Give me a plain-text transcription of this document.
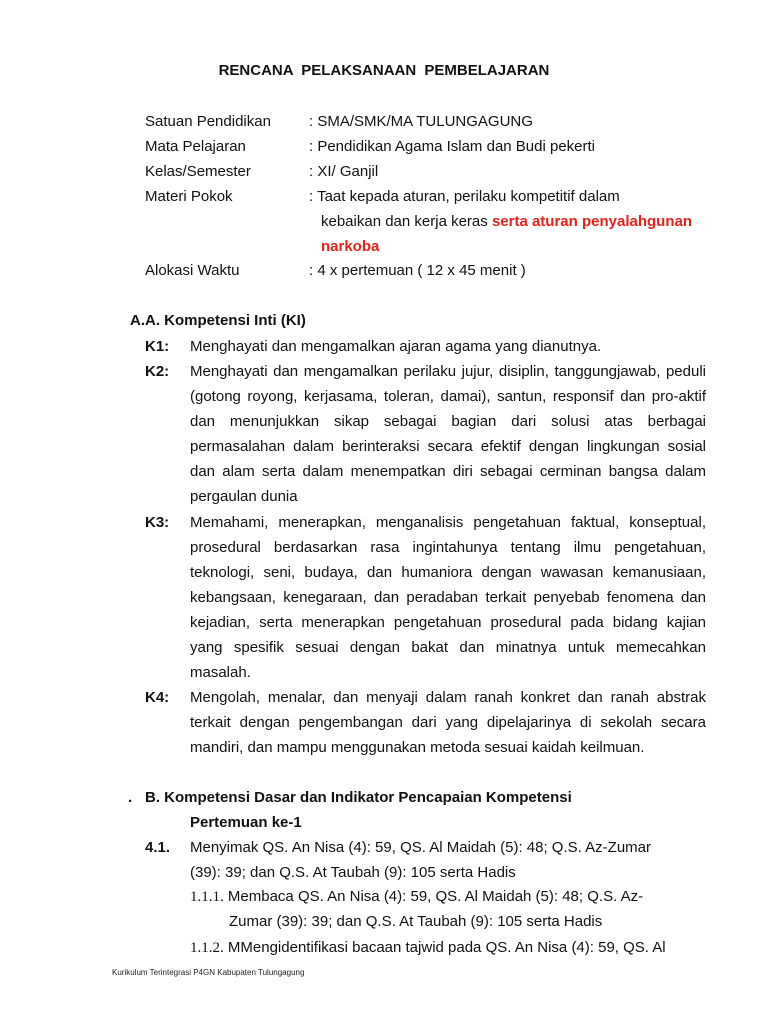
RENCANA PELAKSANAAN PEMBELAJARAN
Satuan Pendidikan	: SMA/SMK/MA TULUNGAGUNG
Mata Pelajaran	: Pendidikan Agama Islam dan Budi pekerti
Kelas/Semester	: XI/ Ganjil
Materi Pokok	: Taat kepada aturan, perilaku kompetitif dalam
kebaikan dan kerja keras serta aturan penyalahgunan
narkoba
Alokasi Waktu	: 4 x pertemuan ( 12 x 45 menit )
A.A. Kompetensi Inti (KI)
K1: Menghayati dan mengamalkan ajaran agama yang dianutnya.
K2: Menghayati dan mengamalkan perilaku jujur, disiplin, tanggungjawab, peduli (gotong royong, kerjasama, toleran, damai), santun, responsif dan pro-aktif dan menunjukkan sikap sebagai bagian dari solusi atas berbagai permasalahan dalam berinteraksi secara efektif dengan lingkungan sosial dan alam serta dalam menempatkan diri sebagai cerminan bangsa dalam pergaulan dunia
K3: Memahami, menerapkan, menganalisis pengetahuan faktual, konseptual, prosedural berdasarkan rasa ingintahunya tentang ilmu pengetahuan, teknologi, seni, budaya, dan humaniora dengan wawasan kemanusiaan, kebangsaan, kenegaraan, dan peradaban terkait penyebab fenomena dan kejadian, serta menerapkan pengetahuan prosedural pada bidang kajian yang spesifik sesuai dengan bakat dan minatnya untuk memecahkan masalah.
K4: Mengolah, menalar, dan menyaji dalam ranah konkret dan ranah abstrak terkait dengan pengembangan dari yang dipelajarinya di sekolah secara mandiri, dan mampu menggunakan metoda sesuai kaidah keilmuan.
. B. Kompetensi Dasar dan Indikator Pencapaian Kompetensi
Pertemuan ke-1
4.1. Menyimak QS. An Nisa (4): 59, QS. Al Maidah (5): 48; Q.S. Az-Zumar
(39): 39; dan Q.S. At Taubah (9): 105 serta Hadis
1.1.1. Membaca QS. An Nisa (4): 59, QS. Al Maidah (5): 48; Q.S. Az-
Zumar (39): 39; dan Q.S. At Taubah (9): 105 serta Hadis
1.1.2. MMengidentifikasi bacaan tajwid pada QS. An Nisa (4): 59, QS. Al
Kurikulum Terintegrasi P4GN Kabupaten Tulungagung
